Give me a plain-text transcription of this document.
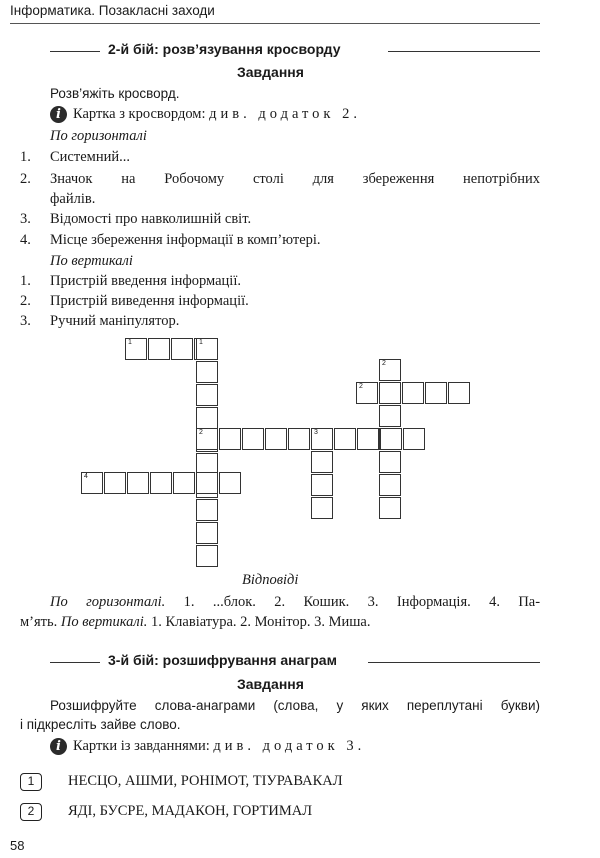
Інформатика. Позакласні заходи
2-й бій: розв’язування кросворду
Завдання
Розв’яжіть кросворд.
i Картка з кросвордом: див. додаток 2.
По горизонталі
1. Системний...
2. Значок на Робочому столі для збереження непотрібних
файлів.
3. Відомості про навколишній світ.
4. Місце збереження інформації в комп’ютері.
По вертикалі
1. Пристрій введення інформації.
2. Пристрій виведення інформації.
3. Ручний маніпулятор.
1	1
2
2
2	3
4
Відповіді
По горизонталі. 1. ...блок. 2. Кошик. 3. Інформація. 4. Па-
м’ять. По вертикалі. 1. Клавіатура. 2. Монітор. 3. Миша.
3-й бій: розшифрування анаграм
Завдання
Розшифруйте слова-анаграми (слова, у яких переплутані букви)
і підкресліть зайве слово.
i Картки із завданнями: див. додаток 3.
1	НЕСЦО, АШМИ, РОНІМОТ, ТІУРАВАКАЛ
2	ЯДІ, БУСРЕ, МАДАКОН, ГОРТИМАЛ
58
